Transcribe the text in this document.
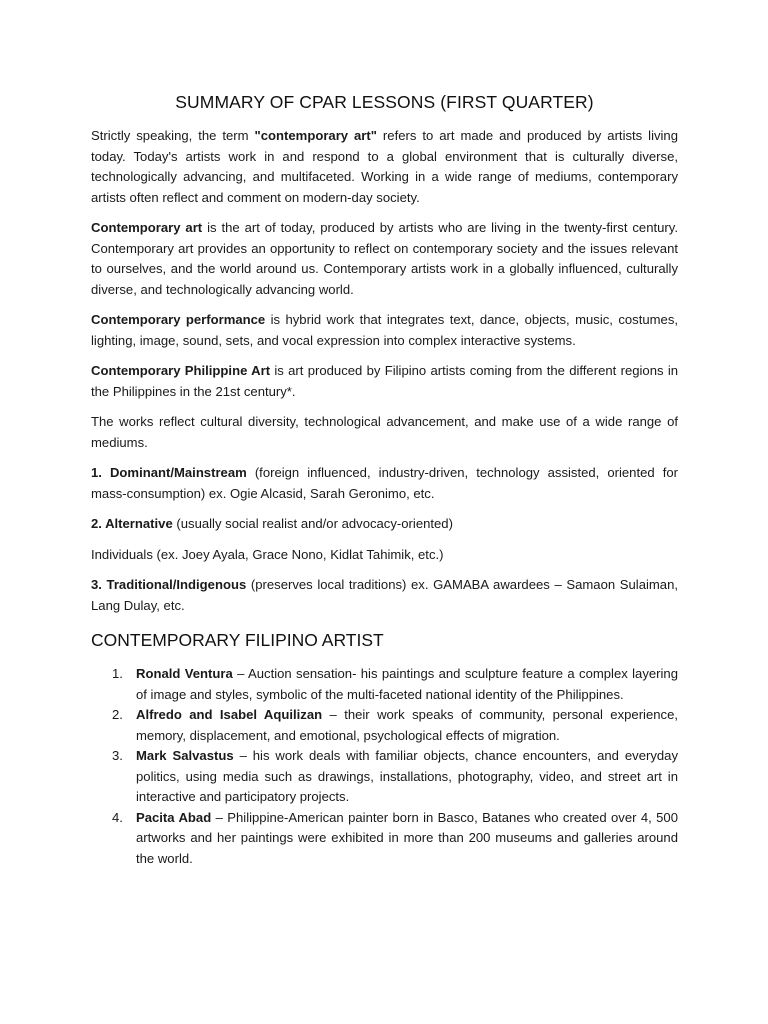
SUMMARY OF CPAR LESSONS (FIRST QUARTER)

Strictly speaking, the term "contemporary art" refers to art made and produced by artists living today. Today's artists work in and respond to a global environment that is culturally diverse, technologically advancing, and multifaceted. Working in a wide range of mediums, contemporary artists often reflect and comment on modern-day society.

Contemporary art is the art of today, produced by artists who are living in the twenty-first century. Contemporary art provides an opportunity to reflect on contemporary society and the issues relevant to ourselves, and the world around us. Contemporary artists work in a globally influenced, culturally diverse, and technologically advancing world.

Contemporary performance is hybrid work that integrates text, dance, objects, music, costumes, lighting, image, sound, sets, and vocal expression into complex interactive systems.

Contemporary Philippine Art is art produced by Filipino artists coming from the different regions in the Philippines in the 21st century*.

The works reflect cultural diversity, technological advancement, and make use of a wide range of mediums.

1. Dominant/Mainstream (foreign influenced, industry-driven, technology assisted, oriented for mass-consumption) ex. Ogie Alcasid, Sarah Geronimo, etc.

2. Alternative (usually social realist and/or advocacy-oriented)

Individuals (ex. Joey Ayala, Grace Nono, Kidlat Tahimik, etc.)

3. Traditional/Indigenous (preserves local traditions) ex. GAMABA awardees – Samaon Sulaiman, Lang Dulay, etc.

CONTEMPORARY FILIPINO ARTIST
1. Ronald Ventura – Auction sensation- his paintings and sculpture feature a complex layering of image and styles, symbolic of the multi-faceted national identity of the Philippines.
2. Alfredo and Isabel Aquilizan – their work speaks of community, personal experience, memory, displacement, and emotional, psychological effects of migration.
3. Mark Salvastus – his work deals with familiar objects, chance encounters, and everyday politics, using media such as drawings, installations, photography, video, and street art in interactive and participatory projects.
4. Pacita Abad – Philippine-American painter born in Basco, Batanes who created over 4, 500 artworks and her paintings were exhibited in more than 200 museums and galleries around the world.
